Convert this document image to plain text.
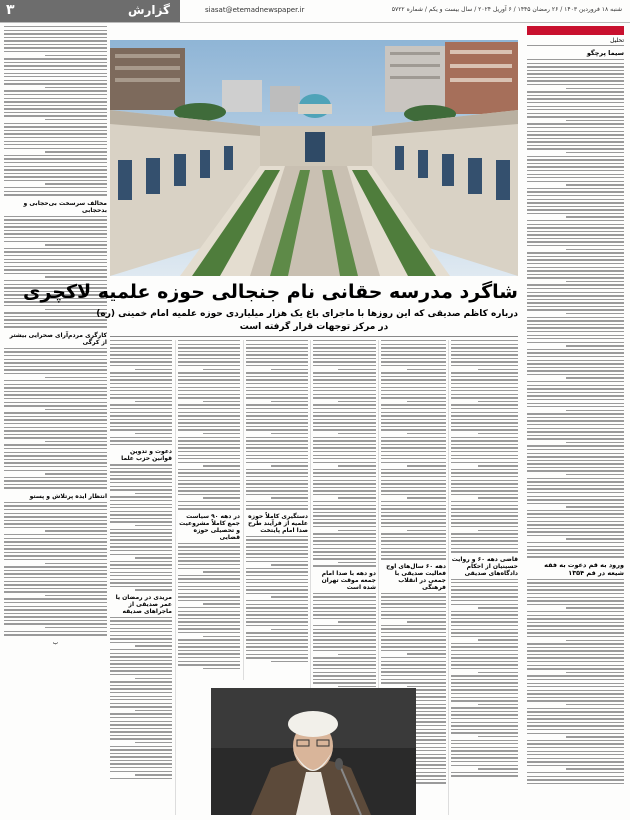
۳	گزارش	siasat@etemadnewspaper.ir	شنبه ۱۸ فروردین ۱۴۰۳ / ۲۶ رمضان ۱۴۴۵ / ۶ آوریل ۲۰۲۴ / سال بیست و یکم / شماره ۵۷۲۲
تحلیل
سیما پرچگو
ورود به قم دعوت به فقه شیعه در قم ۱۳۵۴
مخالف سرسخت بی‌حجابی و بدحجابی
کارگری مردم‌آرای صحرایی بیشتر از کرگی
انتظار ایده پرتلاش و پستو
ب
شاگرد مدرسه حقانی نام جنجالی حوزه علمیه لاکچری
درباره کاظم صدیقی که این روزها با ماجرای باغ یک هزار میلیاردی حوزه علمیه امام خمینی (ره)
در مرکز توجهات قرار گرفته است
قاضی دهه ۶۰ و روایت حسینیان از احکام دادگاه‌های صدیقی
دهه ۶۰ سال‌های اوج فعالیت صدیقی با جمعی در انقلاب فرهنگی
دو دهه با صدا امام جمعه موقت تهران شده است
دستگیری کاملاً حوزه علمیه از فرآیند طرح صدا امام پایتخت
در دهه ۹۰ سیاست جمع کاملاً مشروعیت و تحصیلی حوزه قضایی
دعوت و تدوین قوانین حزب علما
مریدی در رمضان یا عمر صدیقی از ماجراهای صدیقه
